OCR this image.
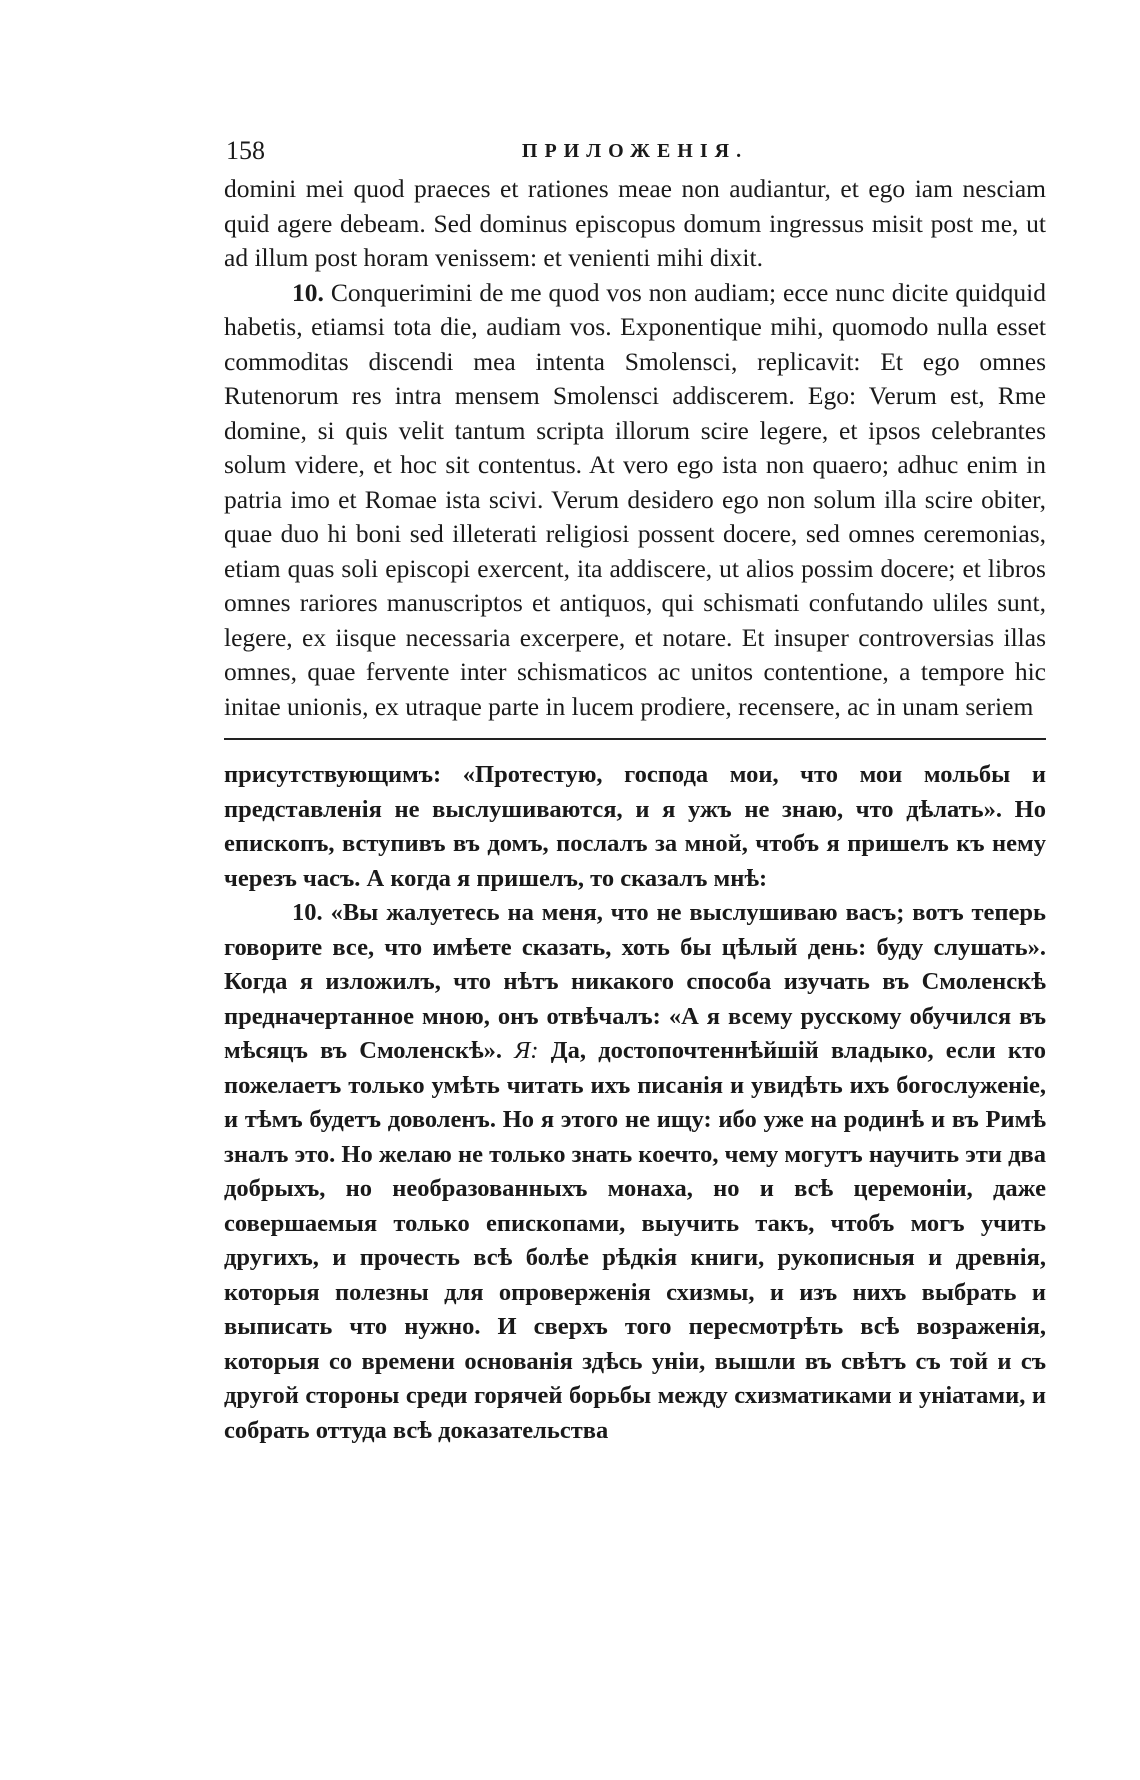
158	ПРИЛОЖЕНІЯ.

domini mei quod praeces et rationes meae non audiantur, et ego iam nesciam quid agere debeam. Sed dominus episcopus domum ingressus misit post me, ut ad illum post horam venissem: et venienti mihi dixit.

10. Conquerimini de me quod vos non audiam; ecce nunc dicite quidquid habetis, etiamsi tota die, audiam vos. Exponentique mihi, quomodo nulla esset commoditas discendi mea intenta Smolensci, replicavit: Et ego omnes Rutenorum res intra mensem Smolensci addiscerem. Ego: Verum est, Rme domine, si quis velit tantum scripta illorum scire legere, et ipsos celebrantes solum videre, et hoc sit contentus. At vero ego ista non quaero; adhuc enim in patria imo et Romae ista scivi. Verum desidero ego non solum illa scire obiter, quae duo hi boni sed illeterati religiosi possent docere, sed omnes ceremonias, etiam quas soli episcopi exercent, ita addiscere, ut alios possim docere; et libros omnes rariores manuscriptos et antiquos, qui schismati confutando uliles sunt, legere, ex iisque necessaria excerpere, et notare. Et insuper controversias illas omnes, quae fervente inter schismaticos ac unitos contentione, a tempore hic initae unionis, ex utraque parte in lucem prodiere, recensere, ac in unam seriem

присутствующимъ: «Протестую, господа мои, что мои мольбы и представленія не выслушиваются, и я ужъ не знаю, что дѣлать». Но епископъ, вступивъ въ домъ, послалъ за мной, чтобъ я пришелъ къ нему черезъ часъ. А когда я пришелъ, то сказалъ мнѣ:

10. «Вы жалуетесь на меня, что не выслушиваю васъ; вотъ теперь говорите все, что имѣете сказать, хоть бы цѣлый день: буду слушать». Когда я изложилъ, что нѣтъ никакого способа изучать въ Смоленскѣ предначертанное мною, онъ отвѣчалъ: «А я всему русскому обучился въ мѣсяцъ въ Смоленскѣ». Я: Да, достопочтеннѣйшій владыко, если кто пожелаетъ только умѣть читать ихъ писанія и увидѣть ихъ богослуженіе, и тѣмъ будетъ доволенъ. Но я этого не ищу: ибо уже на родинѣ и въ Римѣ зналъ это. Но желаю не только знать коечто, чему могутъ научить эти два добрыхъ, но необразованныхъ монаха, но и всѣ церемоніи, даже совершаемыя только епископами, выучить такъ, чтобъ могъ учить другихъ, и прочесть всѣ болѣе рѣдкія книги, рукописныя и древнія, которыя полезны для опроверженія схизмы, и изъ нихъ выбрать и выписать что нужно. И сверхъ того пересмотрѣть всѣ возраженія, которыя со времени основанія здѣсь уніи, вышли въ свѣтъ съ той и съ другой стороны среди горячей борьбы между схизматиками и уніатами, и собрать оттуда всѣ доказательства
